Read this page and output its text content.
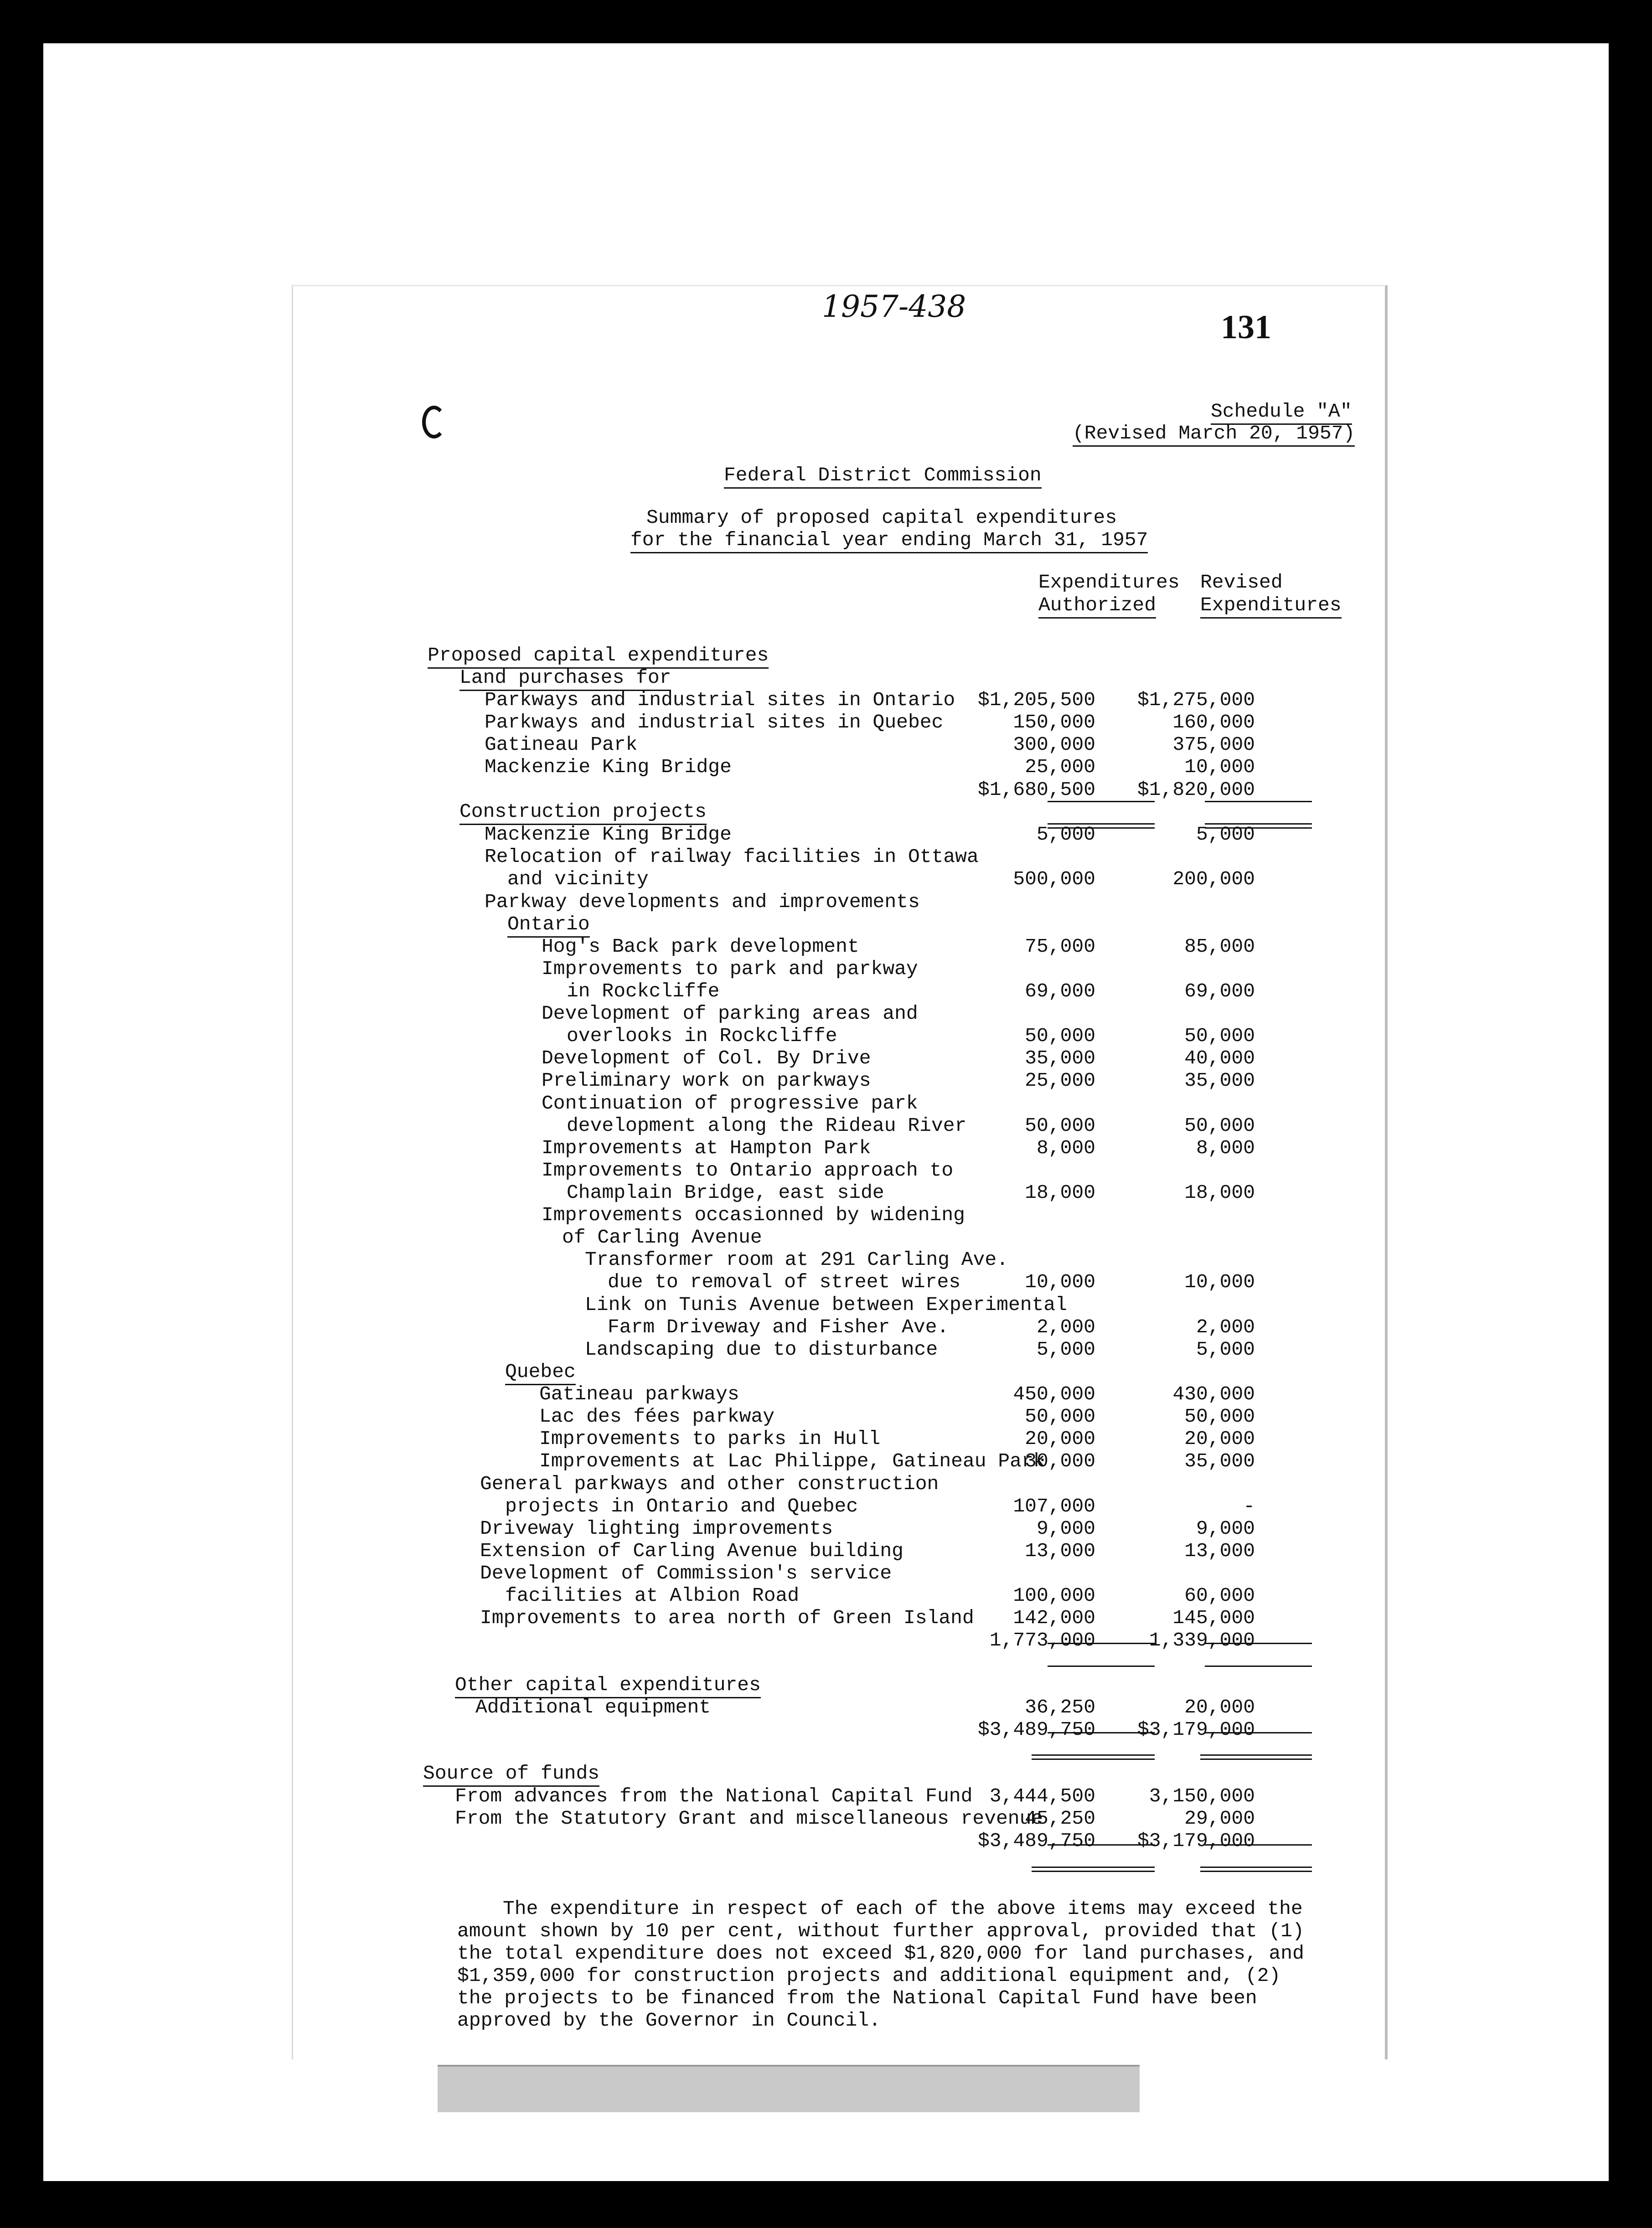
1957-438
131
Schedule "A"
(Revised March 20, 1957)
Federal District Commission
Summary of proposed capital expenditures
for the financial year ending March 31, 1957
Expenditures
Authorized
Revised
Expenditures
Proposed capital expenditures
Land purchases for
Parkways and industrial sites in Ontario	$1,205,500	$1,275,000
Parkways and industrial sites in Quebec	150,000	160,000
Gatineau Park	300,000	375,000
Mackenzie King Bridge	25,000	10,000
$1,680,500	$1,820,000
Construction projects
Mackenzie King Bridge	5,000	5,000
Relocation of railway facilities in Ottawa
and vicinity	500,000	200,000
Parkway developments and improvements
Ontario
Hog's Back park development	75,000	85,000
Improvements to park and parkway
in Rockcliffe	69,000	69,000
Development of parking areas and
overlooks in Rockcliffe	50,000	50,000
Development of Col. By Drive	35,000	40,000
Preliminary work on parkways	25,000	35,000
Continuation of progressive park
development along the Rideau River	50,000	50,000
Improvements at Hampton Park	8,000	8,000
Improvements to Ontario approach to
Champlain Bridge, east side	18,000	18,000
Improvements occasionned by widening
of Carling Avenue
Transformer room at 291 Carling Ave.
due to removal of street wires	10,000	10,000
Link on Tunis Avenue between Experimental
Farm Driveway and Fisher Ave.	2,000	2,000
Landscaping due to disturbance	5,000	5,000
Quebec
Gatineau parkways	450,000	430,000
Lac des fées parkway	50,000	50,000
Improvements to parks in Hull	20,000	20,000
Improvements at Lac Philippe, Gatineau Park
30,000	35,000
General parkways and other construction
projects in Ontario and Quebec	107,000	-
Driveway lighting improvements	9,000	9,000
Extension of Carling Avenue building	13,000	13,000
Development of Commission's service
facilities at Albion Road	100,000	60,000
Improvements to area north of Green Island	142,000	145,000
1,773,000	1,339,000
Other capital expenditures
Additional equipment	36,250	20,000
$3,489,750	$3,179,000
Source of funds
From advances from the National Capital Fund 3,444,500	3,150,000
From the Statutory Grant and miscellaneous revenue
45,250	29,000
$3,489,750	$3,179,000
The expenditure in respect of each of the above items may exceed the
amount shown by 10 per cent, without further approval, provided that (1)
the total expenditure does not exceed $1,820,000 for land purchases, and
$1,359,000 for construction projects and additional equipment and, (2)
the projects to be financed from the National Capital Fund have been
approved by the Governor in Council.
